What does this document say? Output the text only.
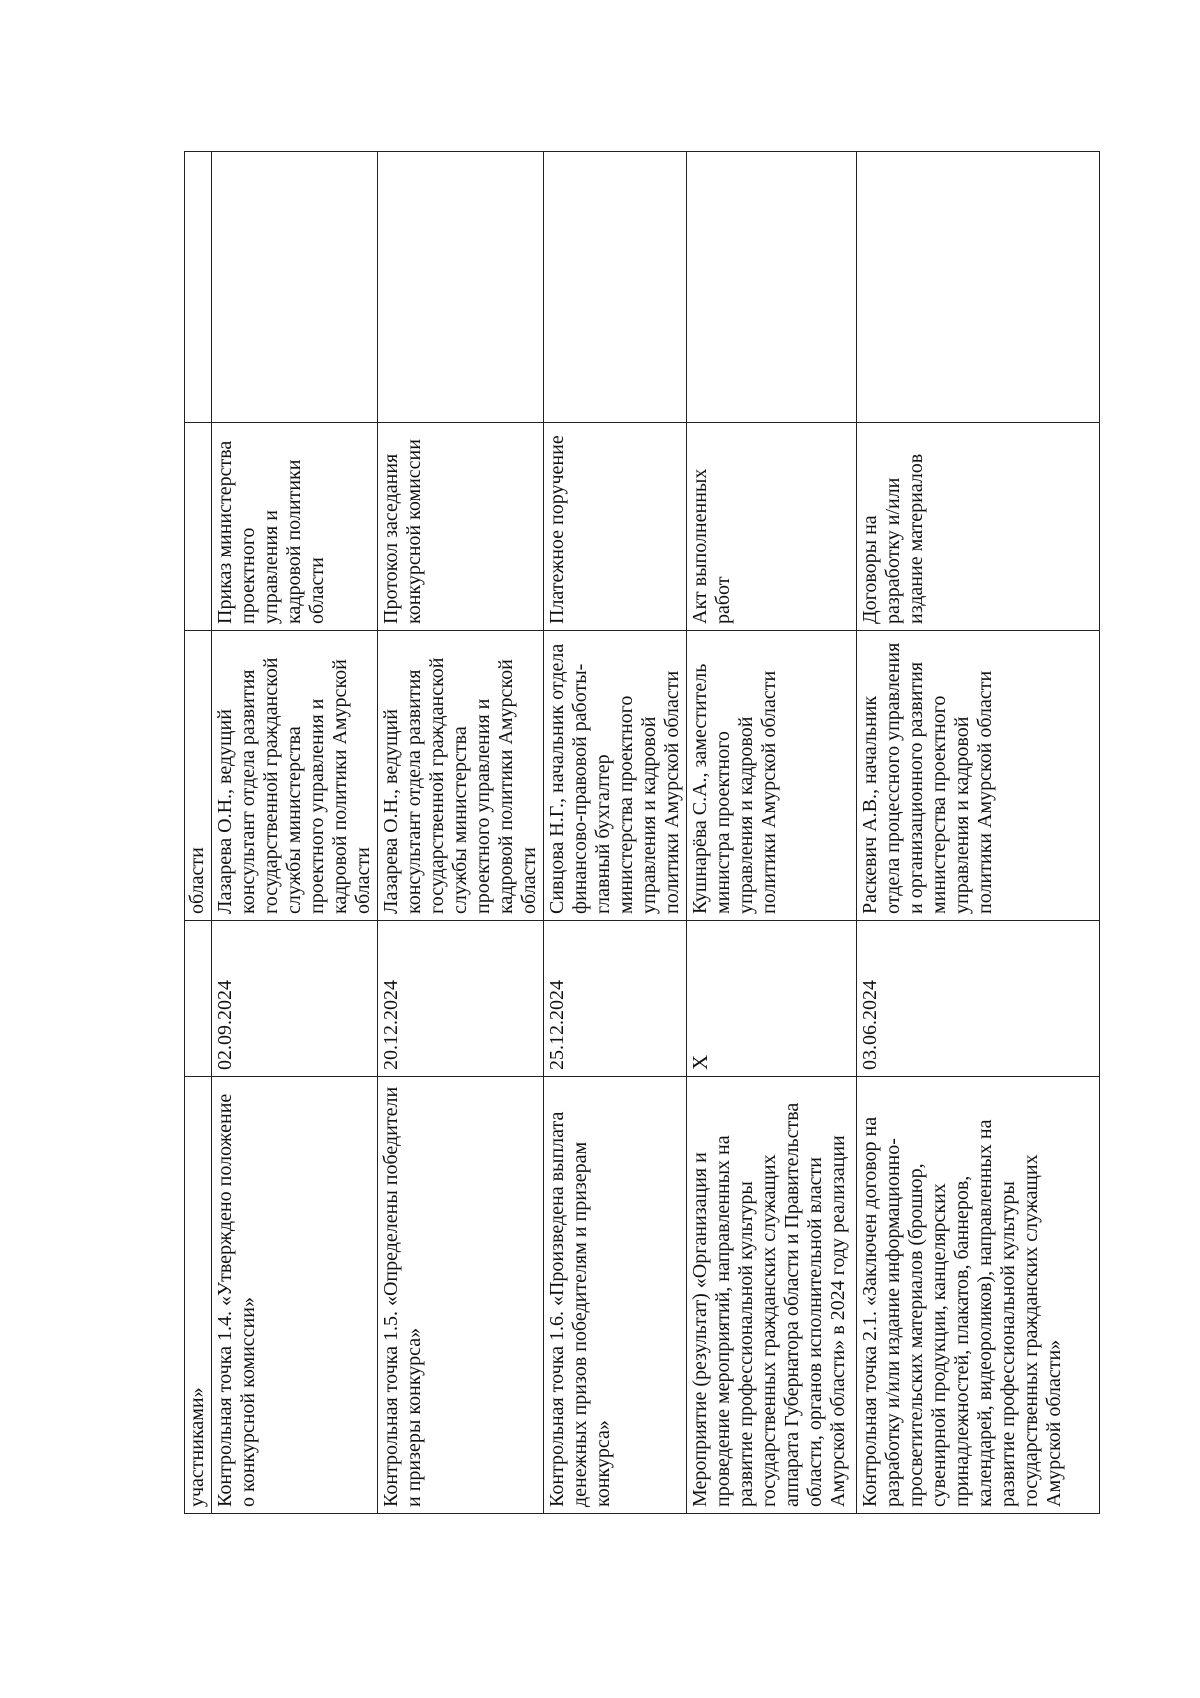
участниками»		области		
Контрольная точка 1.4. «Утверждено положение о конкурсной комиссии»	02.09.2024	Лазарева О.Н., ведущий консультант отдела развития государственной гражданской службы министерства проектного управления и кадровой политики Амурской области	Приказ министерства проектного управления и кадровой политики области	
Контрольная точка 1.5. «Определены победители и призеры конкурса»	20.12.2024	Лазарева О.Н., ведущий консультант отдела развития государственной гражданской службы министерства проектного управления и кадровой политики Амурской области	Протокол заседания конкурсной комиссии	
Контрольная точка 1.6. «Произведена выплата денежных призов победителям и призерам конкурса»	25.12.2024	Сивцова Н.Г., начальник отдела финансово-правовой работы-главный бухгалтер министерства проектного управления и кадровой политики Амурской области	Платежное поручение	
Мероприятие (результат) «Организация и проведение мероприятий, направленных на развитие профессиональной культуры государственных гражданских служащих аппарата Губернатора области и Правительства области, органов исполнительной власти Амурской области» в 2024 году реализации	X	Кушнарёва С.А., заместитель министра проектного управления и кадровой политики Амурской области	Акт выполненных работ	
Контрольная точка 2.1. «Заключен договор на разработку и/или издание информационно-просветительских материалов (брошюр, сувенирной продукции, канцелярских принадлежностей, плакатов, баннеров, календарей, видеороликов), направленных на развитие профессиональной культуры государственных гражданских служащих Амурской области»	03.06.2024	Раскевич А.В., начальник отдела процессного управления и организационного развития министерства проектного управления и кадровой политики Амурской области	Договоры на разработку и/или издание материалов	
